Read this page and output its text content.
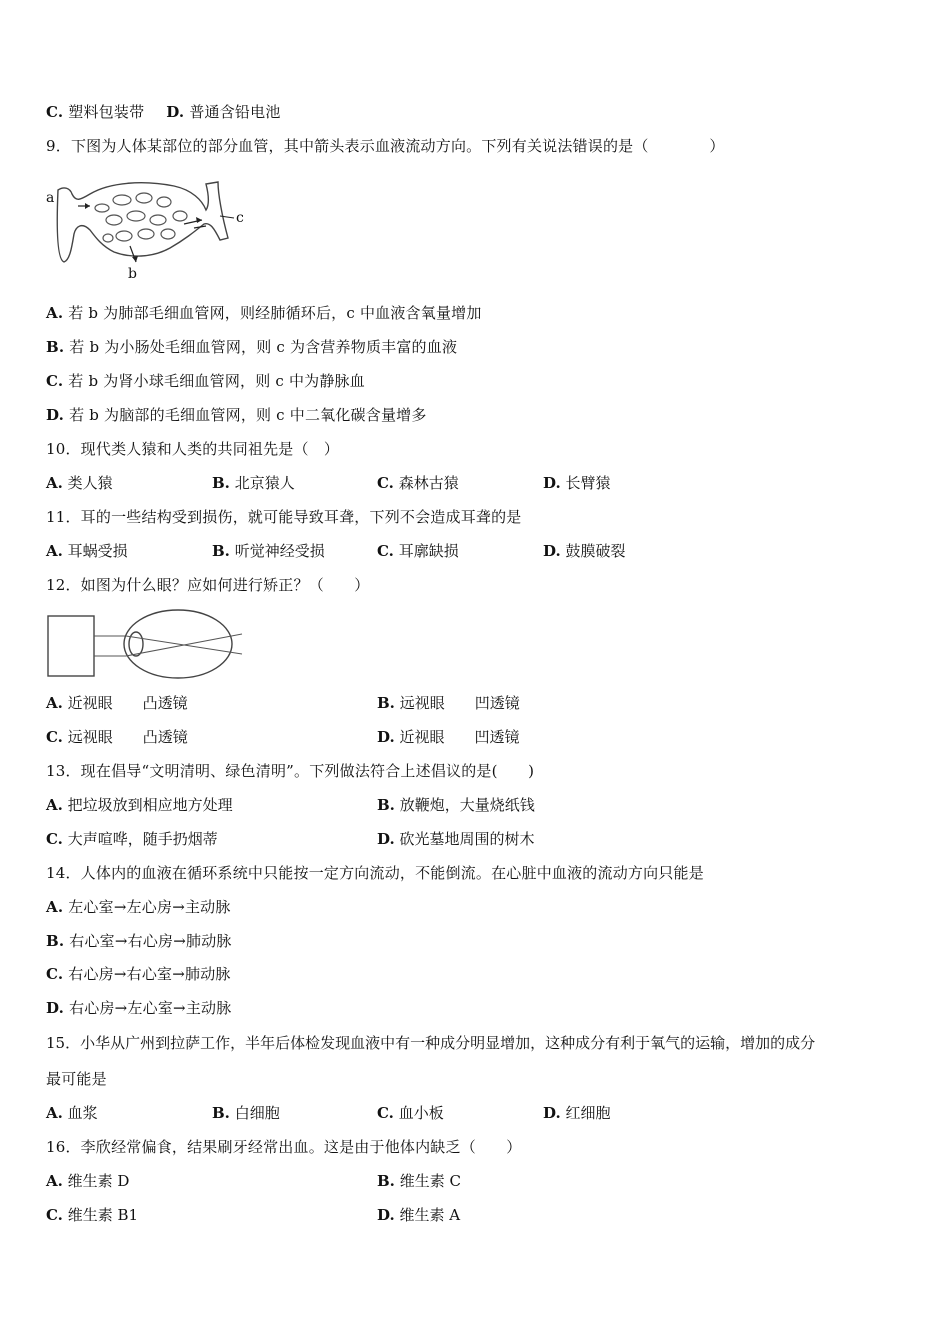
C. 塑料包装带 D. 普通含铅电池
9．下图为人体某部位的部分血管，其中箭头表示血液流动方向。下列有关说法错误的是（　　　　）
a
b
c
A. 若 b 为肺部毛细血管网，则经肺循环后，c 中血液含氧量增加
B. 若 b 为小肠处毛细血管网，则 c 为含营养物质丰富的血液
C. 若 b 为肾小球毛细血管网，则 c 中为静脉血
D. 若 b 为脑部的毛细血管网，则 c 中二氧化碳含量增多
10．现代类人猿和人类的共同祖先是（　）
A. 类人猿	B. 北京猿人	C. 森林古猿	D. 长臂猿
11．耳的一些结构受到损伤，就可能导致耳聋，下列不会造成耳聋的是
A. 耳蜗受损	B. 听觉神经受损	C. 耳廓缺损	D. 鼓膜破裂
12．如图为什么眼？应如何进行矫正？（　　）
A. 近视眼　　凸透镜	B. 远视眼　　凹透镜
C. 远视眼　　凸透镜	D. 近视眼　　凹透镜
13．现在倡导“文明清明、绿色清明”。下列做法符合上述倡议的是(　　)
A. 把垃圾放到相应地方处理	B. 放鞭炮，大量烧纸钱
C. 大声喧哗，随手扔烟蒂	D. 砍光墓地周围的树木
14．人体内的血液在循环系统中只能按一定方向流动，不能倒流。在心脏中血液的流动方向只能是
A. 左心室→左心房→主动脉
B. 右心室→右心房→肺动脉
C. 右心房→右心室→肺动脉
D. 右心房→左心室→主动脉
15．小华从广州到拉萨工作，半年后体检发现血液中有一种成分明显增加，这种成分有利于氧气的运输，增加的成分
最可能是
A. 血浆	B. 白细胞	C. 血小板	D. 红细胞
16．李欣经常偏食，结果刷牙经常出血。这是由于他体内缺乏（　　）
A. 维生素 D	B. 维生素 C
C. 维生素 B1	D. 维生素 A
